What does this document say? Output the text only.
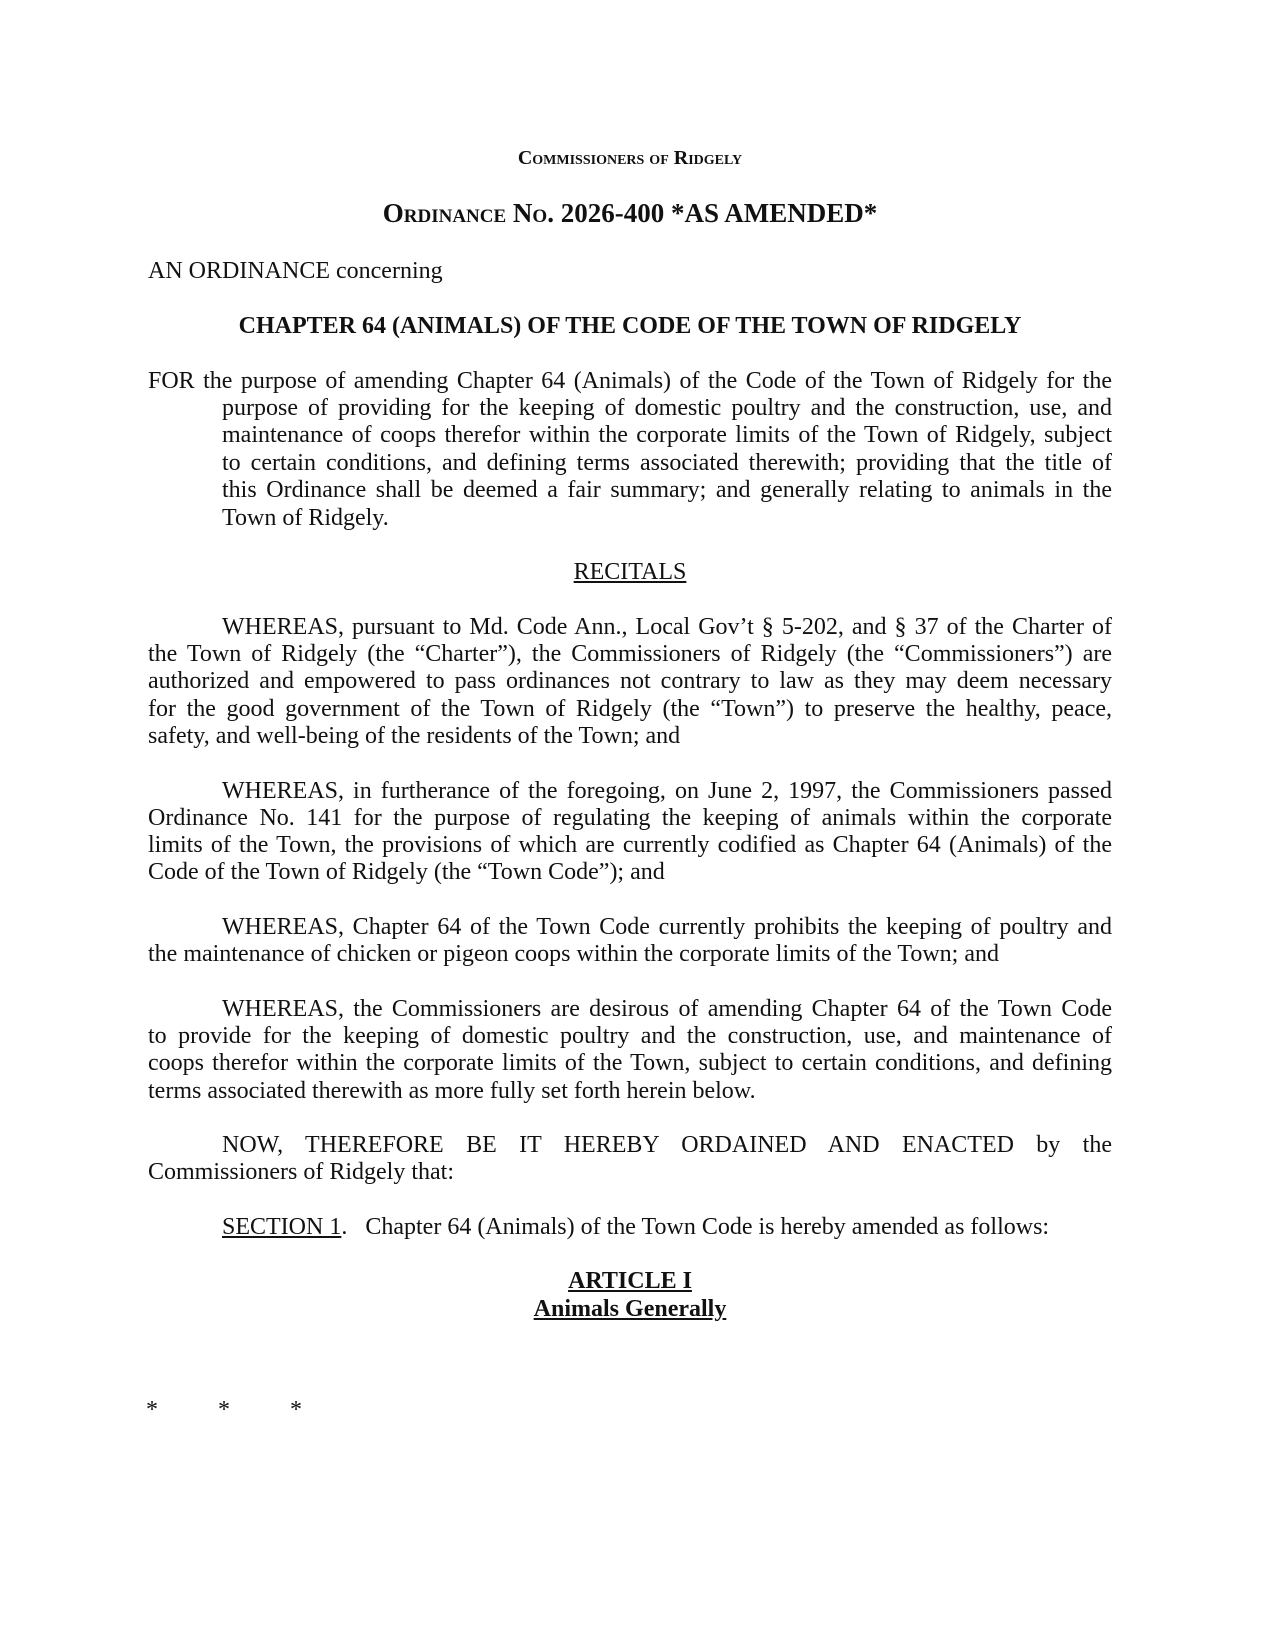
Commissioners of Ridgely
Ordinance No. 2026-400 *AS AMENDED*
AN ORDINANCE concerning
CHAPTER 64 (ANIMALS) OF THE CODE OF THE TOWN OF RIDGELY
FOR the purpose of amending Chapter 64 (Animals) of the Code of the Town of Ridgely for the
purpose of providing for the keeping of domestic poultry and the construction, use, and
maintenance of coops therefor within the corporate limits of the Town of Ridgely, subject
to certain conditions, and defining terms associated therewith; providing that the title of
this Ordinance shall be deemed a fair summary; and generally relating to animals in the
Town of Ridgely.
RECITALS
WHEREAS, pursuant to Md. Code Ann., Local Gov’t § 5-202, and § 37 of the Charter of
the Town of Ridgely (the “Charter”), the Commissioners of Ridgely (the “Commissioners”) are
authorized and empowered to pass ordinances not contrary to law as they may deem necessary
for the good government of the Town of Ridgely (the “Town”) to preserve the healthy, peace,
safety, and well-being of the residents of the Town; and
WHEREAS, in furtherance of the foregoing, on June 2, 1997, the Commissioners passed
Ordinance No. 141 for the purpose of regulating the keeping of animals within the corporate
limits of the Town, the provisions of which are currently codified as Chapter 64 (Animals) of the
Code of the Town of Ridgely (the “Town Code”); and
WHEREAS, Chapter 64 of the Town Code currently prohibits the keeping of poultry and
the maintenance of chicken or pigeon coops within the corporate limits of the Town; and
WHEREAS, the Commissioners are desirous of amending Chapter 64 of the Town Code
to provide for the keeping of domestic poultry and the construction, use, and maintenance of
coops therefor within the corporate limits of the Town, subject to certain conditions, and defining
terms associated therewith as more fully set forth herein below.
NOW, THEREFORE BE IT HEREBY ORDAINED AND ENACTED by the
Commissioners of Ridgely that:
SECTION 1.   Chapter 64 (Animals) of the Town Code is hereby amended as follows:
ARTICLE I
Animals Generally
*	*	*
